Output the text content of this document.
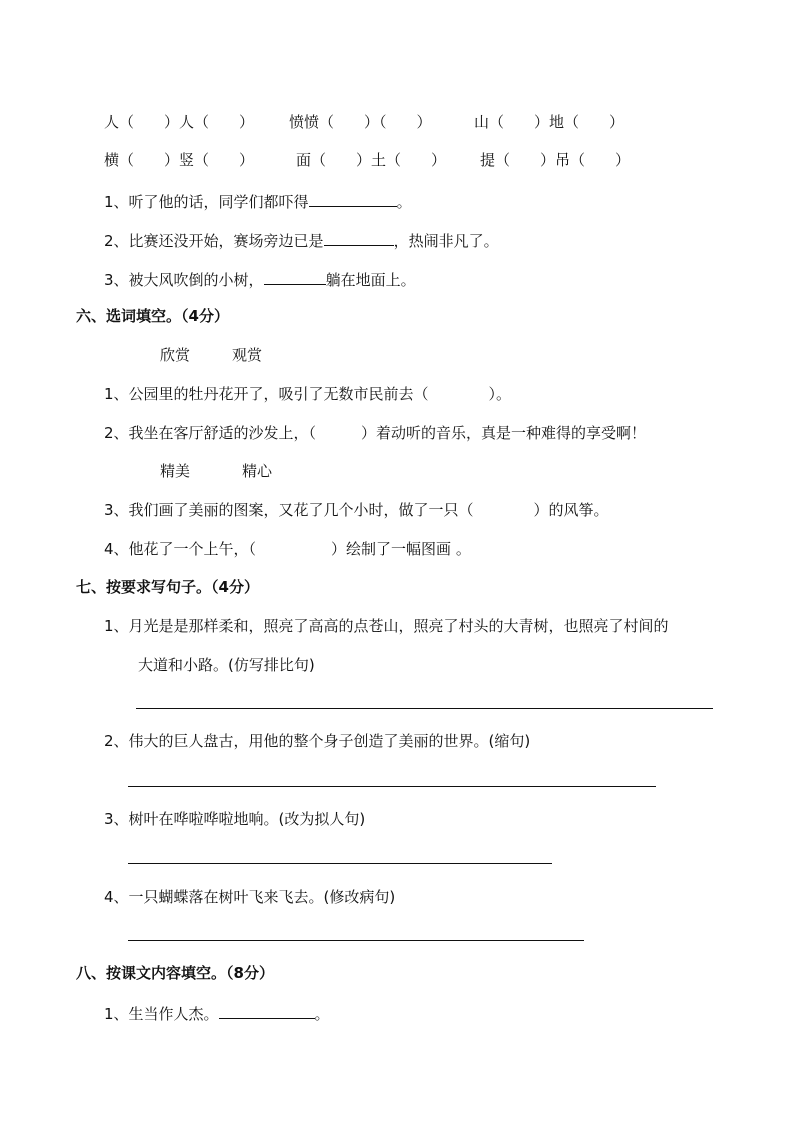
人（　　）人（　　） 愤愤（　　）（　　）	山（　　）地（　　）
横（　　）竖（　　）	面（　　）土（　　） 提（　　）吊（　　）
1、听了他的话，同学们都吓得	。
2、比赛还没开始，赛场旁边已是	，热闹非凡了。
3、被大风吹倒的小树，	躺在地面上。
六、选词填空。（4分）
欣赏	观赏
1、公园里的牡丹花开了，吸引了无数市民前去（　　　　）。
2、我坐在客厅舒适的沙发上，（　　　）着动听的音乐，真是一种难得的享受啊！
精美	精心
3、我们画了美丽的图案，又花了几个小时，做了一只（　　　　）的风筝。
4、他花了一个上午，（　　　　　）绘制了一幅图画 。
七、按要求写句子。（4分）
1、月光是是那样柔和，照亮了高高的点苍山，照亮了村头的大青树，也照亮了村间的
大道和小路。(仿写排比句)
2、伟大的巨人盘古，用他的整个身子创造了美丽的世界。(缩句)
3、树叶在哗啦哗啦地响。(改为拟人句)
4、一只蝴蝶落在树叶飞来飞去。(修改病句)
八、按课文内容填空。（8分）
1、生当作人杰。	。
